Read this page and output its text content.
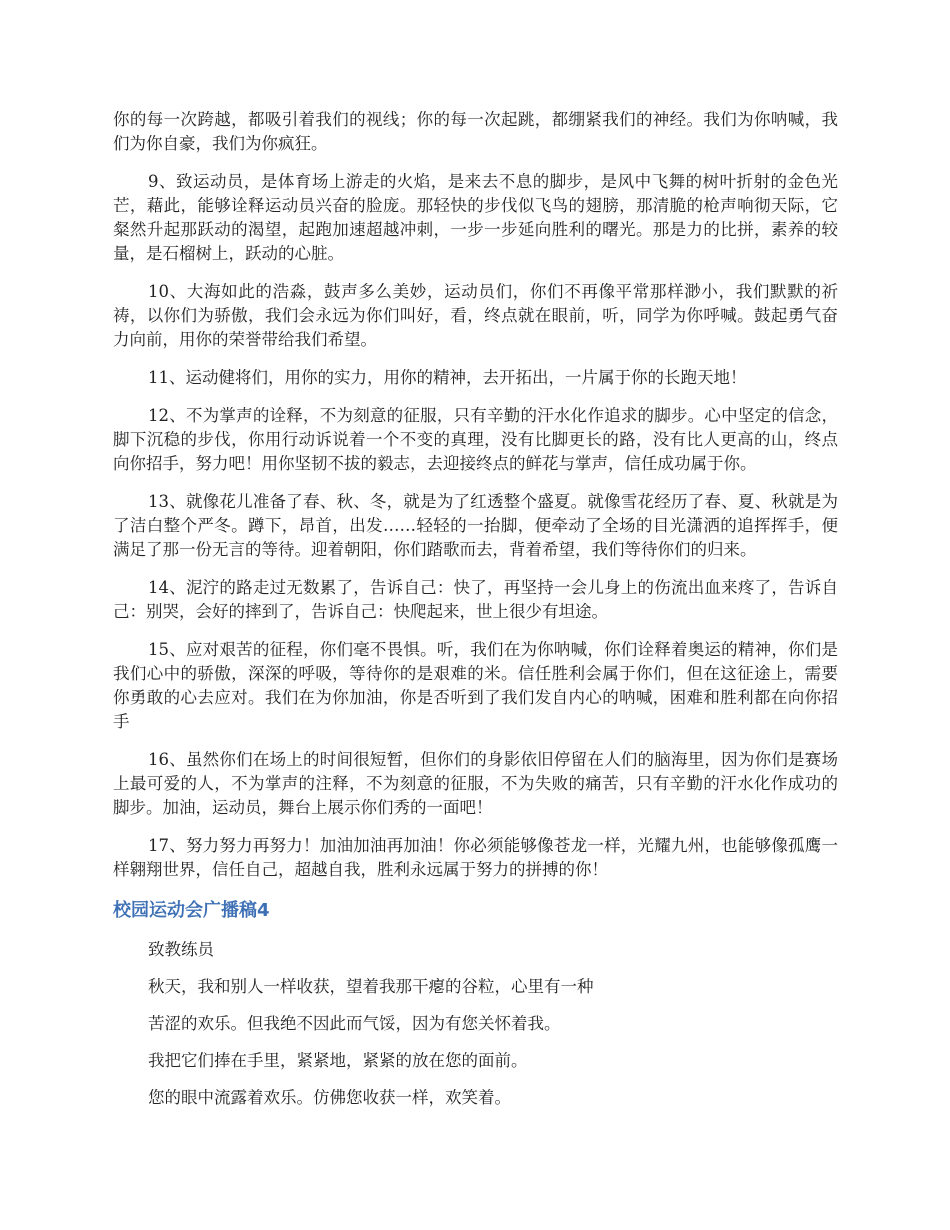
你的每一次跨越，都吸引着我们的视线；你的每一次起跳，都绷紧我们的神经。我们为你呐喊，我们为你自豪，我们为你疯狂。

9、致运动员，是体育场上游走的火焰，是来去不息的脚步，是风中飞舞的树叶折射的金色光芒，藉此，能够诠释运动员兴奋的脸庞。那轻快的步伐似飞鸟的翅膀，那清脆的枪声响彻天际，它粲然升起那跃动的渴望，起跑加速超越冲刺，一步一步延向胜利的曙光。那是力的比拼，素养的较量，是石榴树上，跃动的心脏。

10、大海如此的浩淼，鼓声多么美妙，运动员们，你们不再像平常那样渺小，我们默默的祈祷，以你们为骄傲，我们会永远为你们叫好，看，终点就在眼前，听，同学为你呼喊。鼓起勇气奋力向前，用你的荣誉带给我们希望。

11、运动健将们，用你的实力，用你的精神，去开拓出，一片属于你的长跑天地！

12、不为掌声的诠释，不为刻意的征服，只有辛勤的汗水化作追求的脚步。心中坚定的信念，脚下沉稳的步伐，你用行动诉说着一个不变的真理，没有比脚更长的路，没有比人更高的山，终点向你招手，努力吧！用你坚韧不拔的毅志，去迎接终点的鲜花与掌声，信任成功属于你。

13、就像花儿准备了春、秋、冬，就是为了红透整个盛夏。就像雪花经历了春、夏、秋就是为了洁白整个严冬。蹲下，昂首，出发……轻轻的一抬脚，便牵动了全场的目光潇洒的追挥挥手，便满足了那一份无言的等待。迎着朝阳，你们踏歌而去，背着希望，我们等待你们的归来。

14、泥泞的路走过无数累了，告诉自己：快了，再坚持一会儿身上的伤流出血来疼了，告诉自己：别哭，会好的摔到了，告诉自己：快爬起来，世上很少有坦途。

15、应对艰苦的征程，你们毫不畏惧。听，我们在为你呐喊，你们诠释着奥运的精神，你们是我们心中的骄傲，深深的呼吸，等待你的是艰难的米。信任胜利会属于你们，但在这征途上，需要你勇敢的心去应对。我们在为你加油，你是否听到了我们发自内心的呐喊，困难和胜利都在向你招手

16、虽然你们在场上的时间很短暂，但你们的身影依旧停留在人们的脑海里，因为你们是赛场上最可爱的人，不为掌声的注释，不为刻意的征服，不为失败的痛苦，只有辛勤的汗水化作成功的脚步。加油，运动员，舞台上展示你们秀的一面吧！

17、努力努力再努力！加油加油再加油！你必须能够像苍龙一样，光耀九州，也能够像孤鹰一样翱翔世界，信任自己，超越自我，胜利永远属于努力的拼搏的你！

校园运动会广播稿4

致教练员

秋天，我和别人一样收获，望着我那干瘪的谷粒，心里有一种

苦涩的欢乐。但我绝不因此而气馁，因为有您关怀着我。

我把它们捧在手里，紧紧地，紧紧的放在您的面前。

您的眼中流露着欢乐。仿佛您收获一样，欢笑着。
